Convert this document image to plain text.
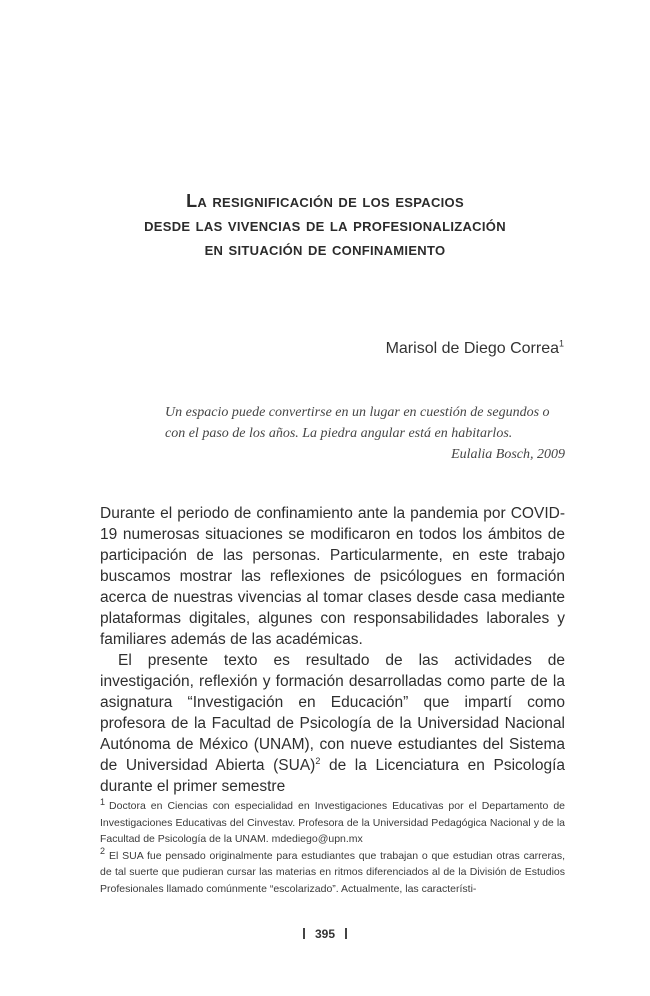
La resignificación de los espacios
desde las vivencias de la profesionalización
en situación de confinamiento
Marisol de Diego Correa$^1$
Un espacio puede convertirse en un lugar en cuestión de segundos o con el paso de los años. La piedra angular está en habitarlos.
Eulalia Bosch, 2009

Durante el periodo de confinamiento ante la pandemia por COVID-19 numerosas situaciones se modificaron en todos los ámbitos de participación de las personas. Particularmente, en este trabajo buscamos mostrar las reflexiones de psicólogues en formación acerca de nuestras vivencias al tomar clases desde casa mediante plataformas digitales, algunes con responsabilidades laborales y familiares además de las académicas.

El presente texto es resultado de las actividades de investigación, reflexión y formación desarrolladas como parte de la asignatura “Investigación en Educación” que impartí como profesora de la Facultad de Psicología de la Universidad Nacional Autónoma de México (UNAM), con nueve estudiantes del Sistema de Universidad Abierta (SUA)$^2$ de la Licenciatura en Psicología durante el primer semestre

1 Doctora en Ciencias con especialidad en Investigaciones Educativas por el Departamento de Investigaciones Educativas del Cinvestav. Profesora de la Universidad Pedagógica Nacional y de la Facultad de Psicología de la UNAM. mdediego@upn.mx

2 El SUA fue pensado originalmente para estudiantes que trabajan o que estudian otras carreras, de tal suerte que pudieran cursar las materias en ritmos diferenciados al de la División de Estudios Profesionales llamado comúnmente “escolarizado”. Actualmente, las característi-

395
